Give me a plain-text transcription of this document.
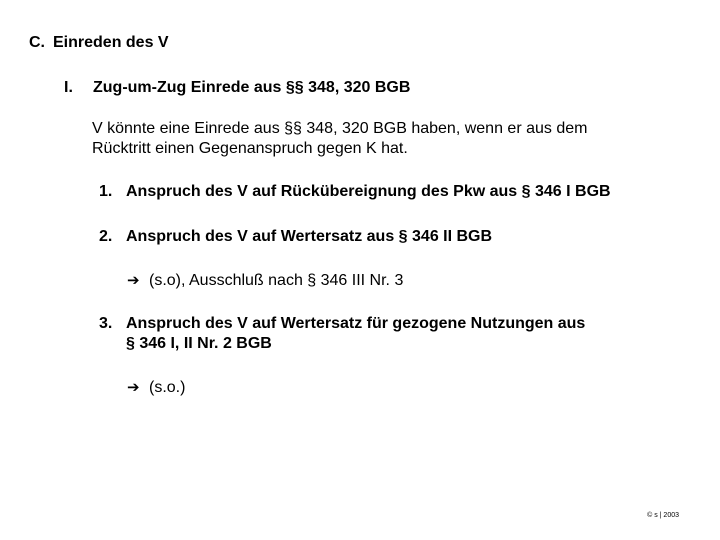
C. Einreden des V
I. Zug-um-Zug Einrede aus §§ 348, 320 BGB
V könnte eine Einrede aus §§ 348, 320 BGB haben, wenn er aus dem
Rücktritt einen Gegenanspruch gegen K hat.
1. Anspruch des V auf Rückübereignung des Pkw aus § 346 I BGB
2. Anspruch des V auf Wertersatz aus § 346 II BGB
➔ (s.o), Ausschluß nach § 346 III Nr. 3
3. Anspruch des V auf Wertersatz für gezogene Nutzungen aus
§ 346 I, II Nr. 2 BGB
➔ (s.o.)
© s | 2003
